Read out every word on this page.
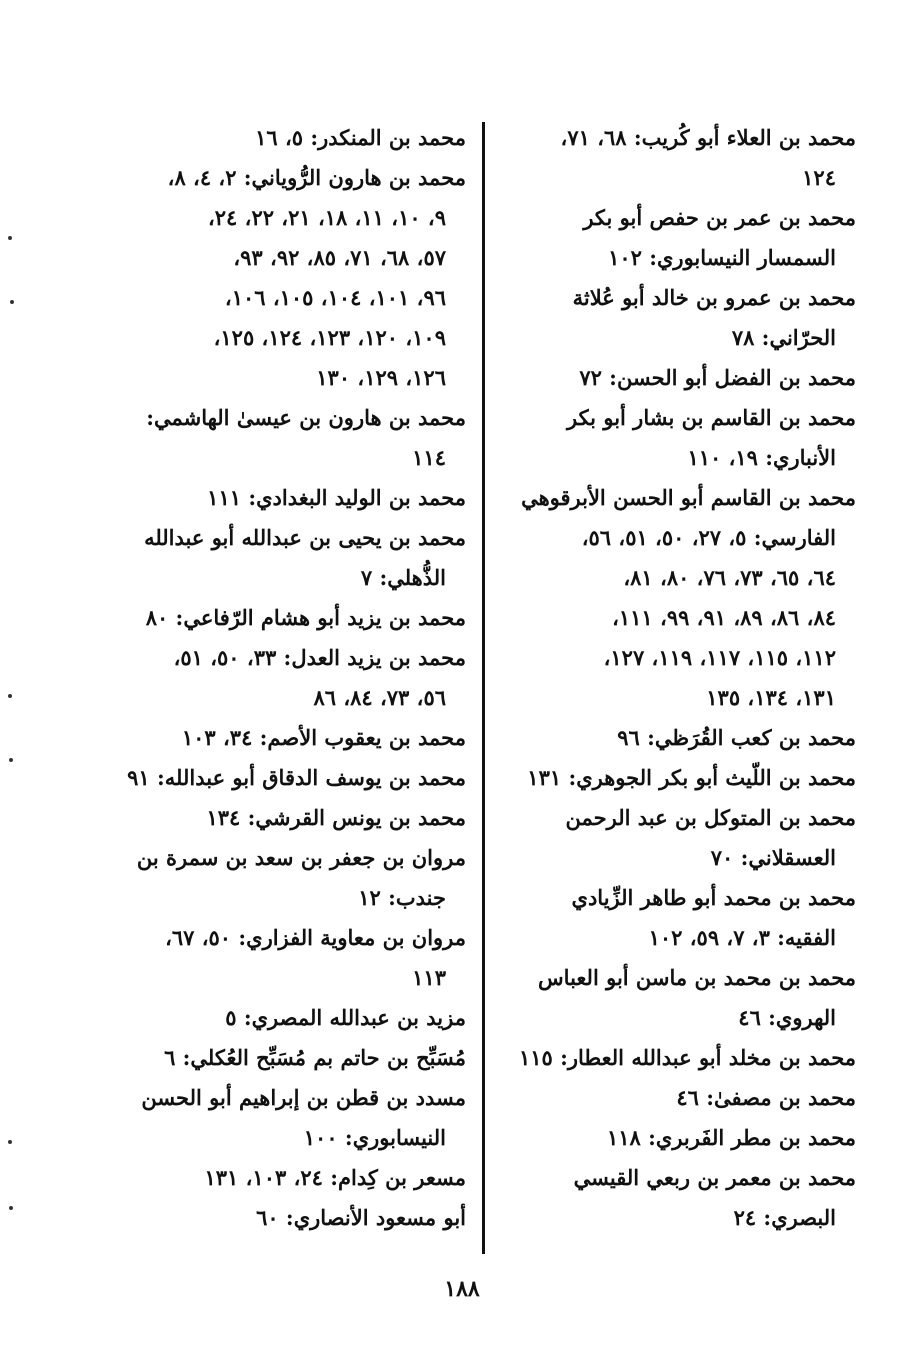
محمد بن العلاء أبو كُريب: ٦٨، ٧١،
١٢٤
محمد بن عمر بن حفص أبو بكر
السمسار النيسابوري: ١٠٢
محمد بن عمرو بن خالد أبو عُلاثة
الحرّاني: ٧٨
محمد بن الفضل أبو الحسن: ٧٢
محمد بن القاسم بن بشار أبو بكر
الأنباري: ١٩، ١١٠
محمد بن القاسم أبو الحسن الأبرقوهي
الفارسي: ٥، ٢٧، ٥٠، ٥١، ٥٦،
٦٤، ٦٥، ٧٣، ٧٦، ٨٠، ٨١،
٨٤، ٨٦، ٨٩، ٩١، ٩٩، ١١١،
١١٢، ١١٥، ١١٧، ١١٩، ١٢٧،
١٣١، ١٣٤، ١٣٥
محمد بن كعب القُرَظي: ٩٦
محمد بن اللّيث أبو بكر الجوهري: ١٣١
محمد بن المتوكل بن عبد الرحمن
العسقلاني: ٧٠
محمد بن محمد أبو طاهر الزِّيادي
الفقيه: ٣، ٧، ٥٩، ١٠٢
محمد بن محمد بن ماسن أبو العباس
الهروي: ٤٦
محمد بن مخلد أبو عبدالله العطار: ١١٥
محمد بن مصفىٰ: ٤٦
محمد بن مطر الفَربري: ١١٨
محمد بن معمر بن ربعي القيسي
البصري: ٢٤
محمد بن المنكدر: ٥، ١٦
محمد بن هارون الرُّوياني: ٢، ٤، ٨،
٩، ١٠، ١١، ١٨، ٢١، ٢٢، ٢٤،
٥٧، ٦٨، ٧١، ٨٥، ٩٢، ٩٣،
٩٦، ١٠١، ١٠٤، ١٠٥، ١٠٦،
١٠٩، ١٢٠، ١٢٣، ١٢٤، ١٢٥،
١٢٦، ١٢٩، ١٣٠
محمد بن هارون بن عيسىٰ الهاشمي:
١١٤
محمد بن الوليد البغدادي: ١١١
محمد بن يحيى بن عبدالله أبو عبدالله
الذُّهلي: ٧
محمد بن يزيد أبو هشام الرّفاعي: ٨٠
محمد بن يزيد العدل: ٣٣، ٥٠، ٥١،
٥٦، ٧٣، ٨٤، ٨٦
محمد بن يعقوب الأصم: ٣٤، ١٠٣
محمد بن يوسف الدقاق أبو عبدالله: ٩١
محمد بن يونس القرشي: ١٣٤
مروان بن جعفر بن سعد بن سمرة بن
جندب: ١٢
مروان بن معاوية الفزاري: ٥٠، ٦٧،
١١٣
مزيد بن عبدالله المصري: ٥
مُسَبِّح بن حاتم بم مُسَبِّح العُكلي: ٦
مسدد بن قطن بن إبراهيم أبو الحسن
النيسابوري: ١٠٠
مسعر بن كِدام: ٢٤، ١٠٣، ١٣١
أبو مسعود الأنصاري: ٦٠
١٨٨
